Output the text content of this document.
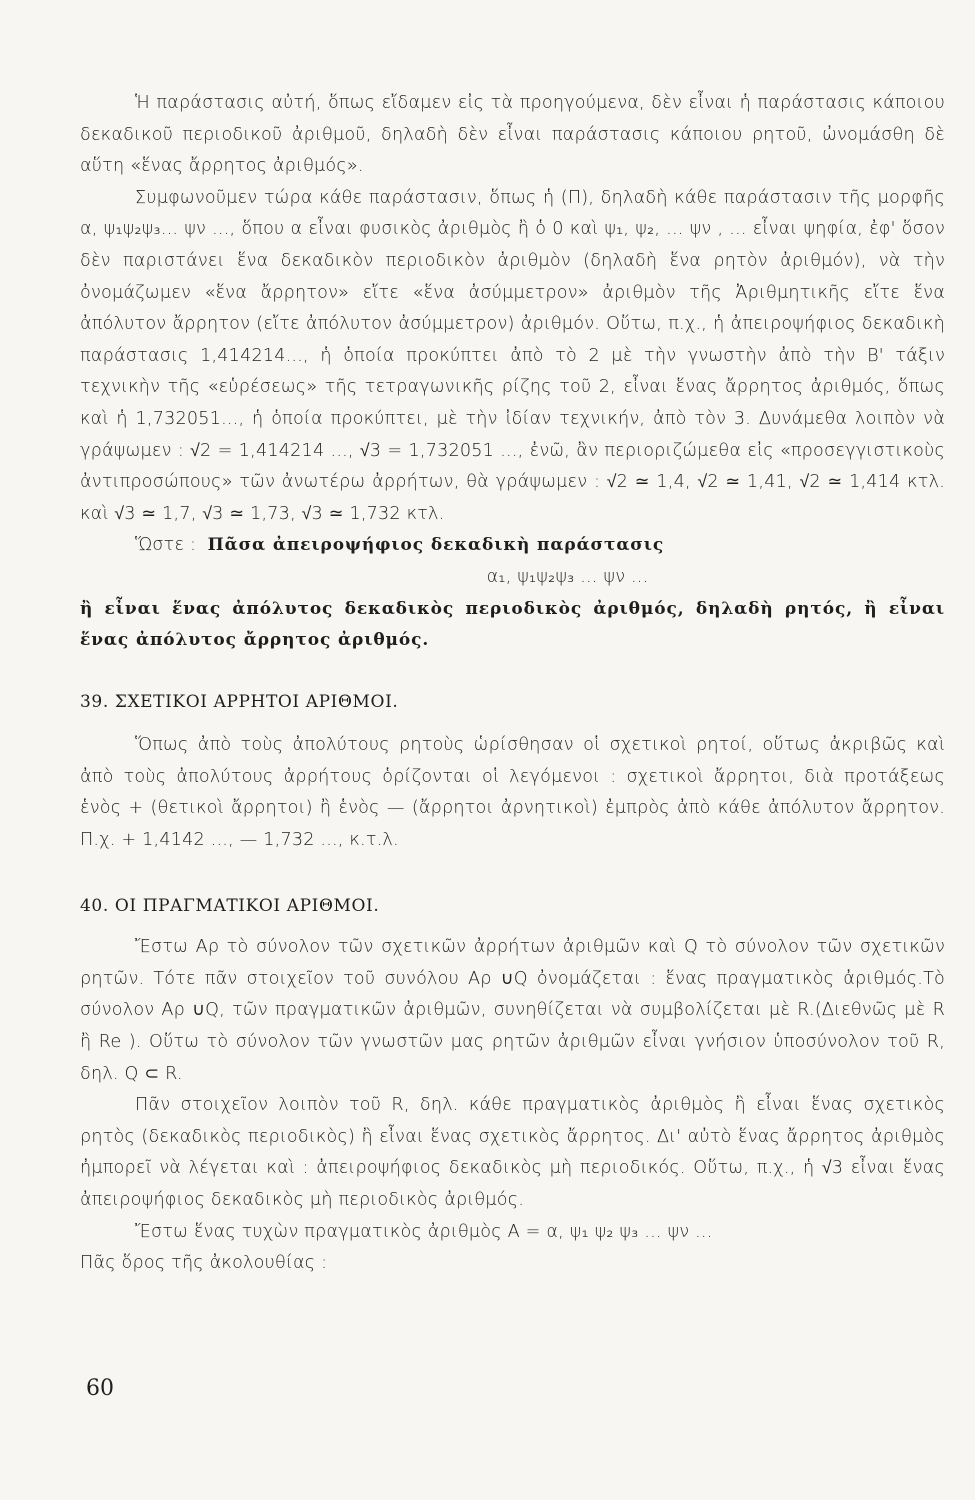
Ἡ παράστασις αὐτή, ὅπως εἴδαμεν εἰς τὰ προηγούμενα, δὲν εἶναι ἡ παράστασις κάποιου δεκαδικοῦ περιοδικοῦ ἀριθμοῦ, δηλαδὴ δὲν εἶναι παράστασις κάποιου ρητοῦ, ὠνομάσθη δὲ αὕτη «ἕνας ἄρρητος ἀριθμός».

Συμφωνοῦμεν τώρα κάθε παράστασιν, ὅπως ἡ (Π), δηλαδὴ κάθε παράστασιν τῆς μορφῆς α, ψ₁ψ₂ψ₃... ψν ..., ὅπου α εἶναι φυσικὸς ἀριθμὸς ἢ ὁ 0 καὶ ψ₁, ψ₂, ... ψν , ... εἶναι ψηφία, ἐφ' ὅσον δὲν παριστάνει ἕνα δεκαδικὸν περιοδικὸν ἀριθμὸν (δηλαδὴ ἕνα ρητὸν ἀριθμόν), νὰ τὴν ὀνομάζωμεν «ἕνα ἄρρητον» εἴτε «ἕνα ἀσύμμετρον» ἀριθμὸν τῆς Ἀριθμητικῆς εἴτε ἕνα ἀπόλυτον ἄρρητον (εἴτε ἀπόλυτον ἀσύμμετρον) ἀριθμόν. Οὕτω, π.χ., ἡ ἀπειροψήφιος δεκαδικὴ παράστασις 1,414214..., ἡ ὁποία προκύπτει ἀπὸ τὸ 2 μὲ τὴν γνωστὴν ἀπὸ τὴν Β' τάξιν τεχνικὴν τῆς «εὑρέσεως» τῆς τετραγωνικῆς ρίζης τοῦ 2, εἶναι ἕνας ἄρρητος ἀριθμός, ὅπως καὶ ἡ 1,732051..., ἡ ὁποία προκύπτει, μὲ τὴν ἰδίαν τεχνικήν, ἀπὸ τὸν 3. Δυνάμεθα λοιπὸν νὰ γράψωμεν : √2 = 1,414214 ..., √3 = 1,732051 ..., ἐνῶ, ἂν περιοριζώμεθα εἰς «προσεγγιστικοὺς ἀντιπροσώπους» τῶν ἀνωτέρω ἀρρήτων, θὰ γράψωμεν : √2 ≃ 1,4, √2 ≃ 1,41, √2 ≃ 1,414 κτλ. καὶ √3 ≃ 1,7, √3 ≃ 1,73, √3 ≃ 1,732 κτλ.

Ὥστε : Πᾶσα ἀπειροψήφιος δεκαδικὴ παράστασις

α₁, ψ₁ψ₂ψ₃ ... ψν ...

ἢ εἶναι ἕνας ἀπόλυτος δεκαδικὸς περιοδικὸς ἀριθμός, δηλαδὴ ρητός, ἢ εἶναι ἕνας ἀπόλυτος ἄρρητος ἀριθμός.

39. ΣΧΕΤΙΚΟΙ ΑΡΡΗΤΟΙ ΑΡΙΘΜΟΙ.

Ὅπως ἀπὸ τοὺς ἀπολύτους ρητοὺς ὡρίσθησαν οἱ σχετικοὶ ρητοί, οὕτως ἀκριβῶς καὶ ἀπὸ τοὺς ἀπολύτους ἀρρήτους ὁρίζονται οἱ λεγόμενοι : σχετικοὶ ἄρρητοι, διὰ προτάξεως ἑνὸς + (θετικοὶ ἄρρητοι) ἢ ἑνὸς — (ἄρρητοι ἀρνητικοὶ) ἐμπρὸς ἀπὸ κάθε ἀπόλυτον ἄρρητον. Π.χ. + 1,4142 ..., — 1,732 ..., κ.τ.λ.

40. ΟΙ ΠΡΑΓΜΑΤΙΚΟΙ ΑΡΙΘΜΟΙ.

Ἔστω Aρ τὸ σύνολον τῶν σχετικῶν ἀρρήτων ἀριθμῶν καὶ Q τὸ σύνολον τῶν σχετικῶν ρητῶν. Τότε πᾶν στοιχεῖον τοῦ συνόλου Aρ ∪Q ὀνομάζεται : ἕνας πραγματικὸς ἀριθμός.Τὸ σύνολον Aρ ∪Q, τῶν πραγματικῶν ἀριθμῶν, συνηθίζεται νὰ συμβολίζεται μὲ R.(Διεθνῶς μὲ R ἢ Re ). Οὕτω τὸ σύνολον τῶν γνωστῶν μας ρητῶν ἀριθμῶν εἶναι γνήσιον ὑποσύνολον τοῦ R, δηλ. Q ⊂ R.

Πᾶν στοιχεῖον λοιπὸν τοῦ R, δηλ. κάθε πραγματικὸς ἀριθμὸς ἢ εἶναι ἕνας σχετικὸς ρητὸς (δεκαδικὸς περιοδικὸς) ἢ εἶναι ἕνας σχετικὸς ἄρρητος. Δι' αὐτὸ ἕνας ἄρρητος ἀριθμὸς ἠμπορεῖ νὰ λέγεται καὶ : ἀπειροψήφιος δεκαδικὸς μὴ περιοδικός. Οὕτω, π.χ., ἡ √3 εἶναι ἕνας ἀπειροψήφιος δεκαδικὸς μὴ περιοδικὸς ἀριθμός.

Ἔστω ἕνας τυχὼν πραγματικὸς ἀριθμὸς A = α, ψ₁ ψ₂ ψ₃ ... ψν ...

Πᾶς ὅρος τῆς ἀκολουθίας :

60
